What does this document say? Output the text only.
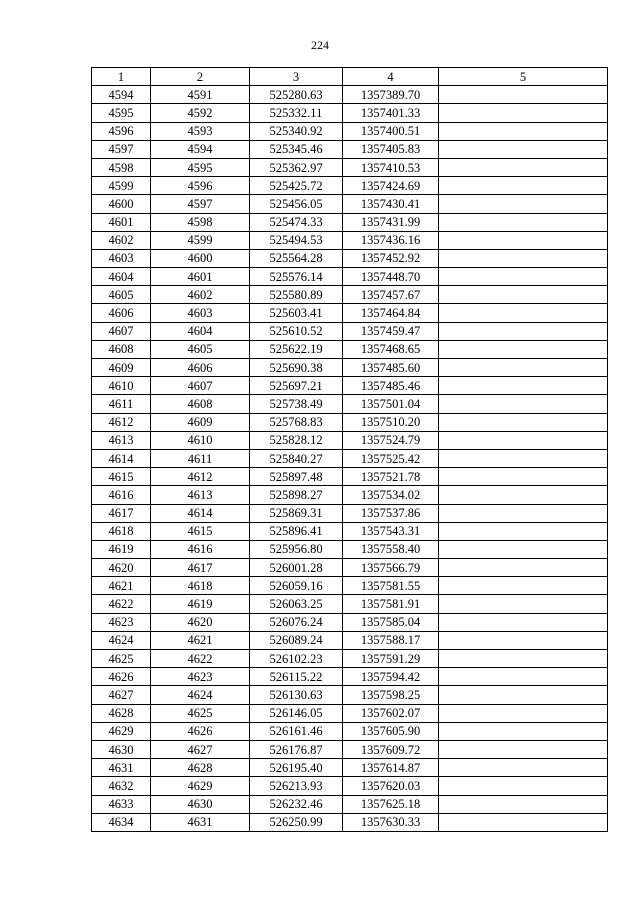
224
1	2	3	4	5
4594	4591	525280.63	1357389.70	
4595	4592	525332.11	1357401.33	
4596	4593	525340.92	1357400.51	
4597	4594	525345.46	1357405.83	
4598	4595	525362.97	1357410.53	
4599	4596	525425.72	1357424.69	
4600	4597	525456.05	1357430.41	
4601	4598	525474.33	1357431.99	
4602	4599	525494.53	1357436.16	
4603	4600	525564.28	1357452.92	
4604	4601	525576.14	1357448.70	
4605	4602	525580.89	1357457.67	
4606	4603	525603.41	1357464.84	
4607	4604	525610.52	1357459.47	
4608	4605	525622.19	1357468.65	
4609	4606	525690.38	1357485.60	
4610	4607	525697.21	1357485.46	
4611	4608	525738.49	1357501.04	
4612	4609	525768.83	1357510.20	
4613	4610	525828.12	1357524.79	
4614	4611	525840.27	1357525.42	
4615	4612	525897.48	1357521.78	
4616	4613	525898.27	1357534.02	
4617	4614	525869.31	1357537.86	
4618	4615	525896.41	1357543.31	
4619	4616	525956.80	1357558.40	
4620	4617	526001.28	1357566.79	
4621	4618	526059.16	1357581.55	
4622	4619	526063.25	1357581.91	
4623	4620	526076.24	1357585.04	
4624	4621	526089.24	1357588.17	
4625	4622	526102.23	1357591.29	
4626	4623	526115.22	1357594.42	
4627	4624	526130.63	1357598.25	
4628	4625	526146.05	1357602.07	
4629	4626	526161.46	1357605.90	
4630	4627	526176.87	1357609.72	
4631	4628	526195.40	1357614.87	
4632	4629	526213.93	1357620.03	
4633	4630	526232.46	1357625.18	
4634	4631	526250.99	1357630.33	
